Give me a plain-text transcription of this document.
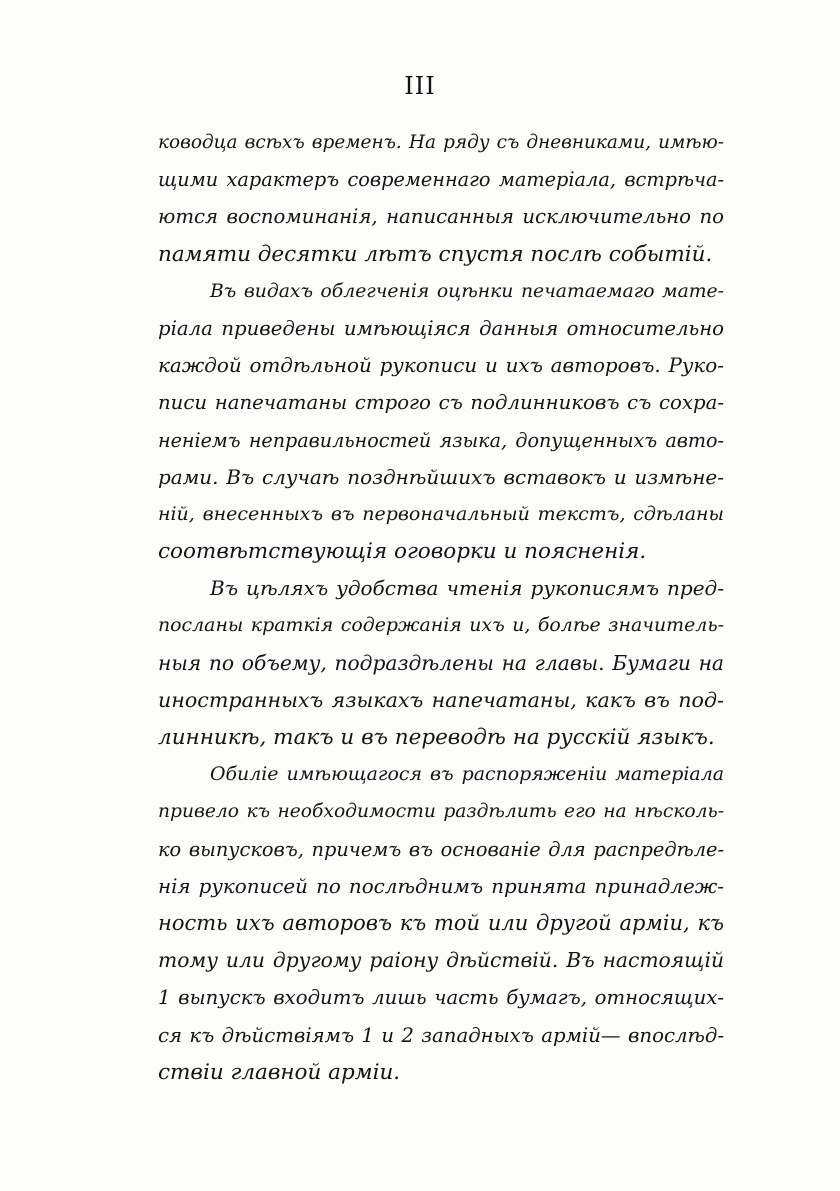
III
ководца всѣхъ временъ. На ряду съ дневниками, имѣю-
щими характеръ современнаго матеріала, встрѣча-
ются воспоминанія, написанныя исключительно по
памяти десятки лѣтъ спустя послѣ событій.
Въ видахъ облегченія оцѣнки печатаемаго мате-
ріала приведены имѣющіяся данныя относительно
каждой отдѣльной рукописи и ихъ авторовъ. Руко-
писи напечатаны строго съ подлинниковъ съ сохра-
неніемъ неправильностей языка, допущенныхъ авто-
рами. Въ случаѣ позднѣйшихъ вставокъ и измѣне-
ній, внесенныхъ въ первоначальный текстъ, сдѣланы
соотвѣтствующія оговорки и поясненія.
Въ цѣляхъ удобства чтенія рукописямъ пред-
посланы краткія содержанія ихъ и, болѣе значитель-
ныя по объему, подраздѣлены на главы. Бумаги на
иностранныхъ языкахъ напечатаны, какъ въ под-
линникѣ, такъ и въ переводѣ на русскій языкъ.
Обиліе имѣющагося въ распоряженіи матеріала
привело къ необходимости раздѣлить его на нѣсколь-
ко выпусковъ, причемъ въ основаніе для распредѣле-
нія рукописей по послѣднимъ принята принадлеж-
ность ихъ авторовъ къ той или другой арміи, къ
тому или другому раіону дѣйствій. Въ настоящій
1 выпускъ входитъ лишь часть бумагъ, относящих-
ся къ дѣйствіямъ 1 и 2 западныхъ армій— впослѣд-
ствіи главной арміи.
